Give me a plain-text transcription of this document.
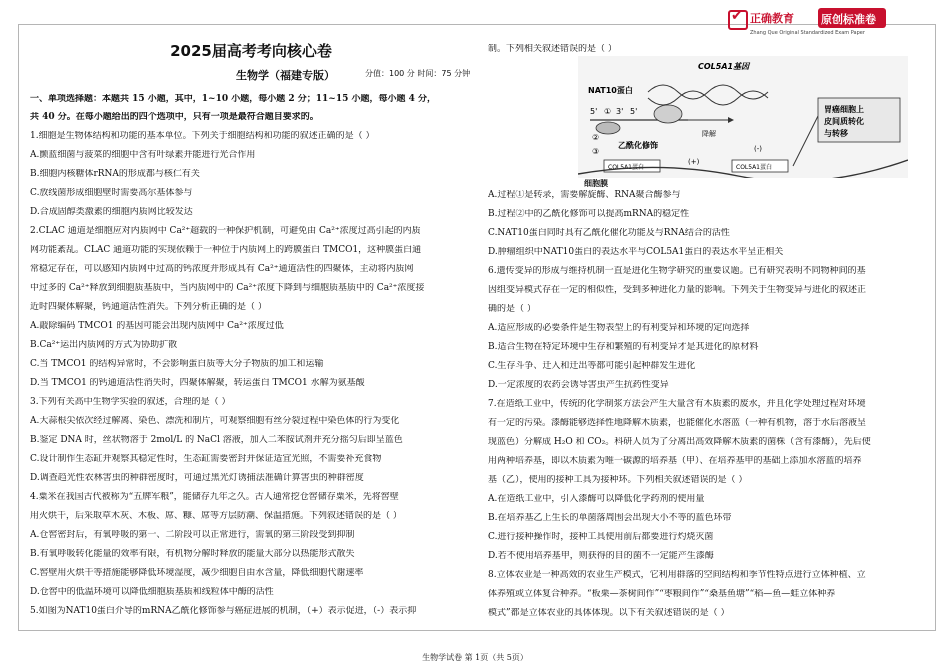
✔
正确教育 原创标准卷
Zhang Que Original Standardized Exam Paper
2025届高考考向核心卷
生物学（福建专版）	分值：100 分 时间：75 分钟
一、单项选择题：本题共 15 小题，其中，1~10 小题，每小题 2 分；11~15 小题，每小题 4 分，
共 40 分。在每小题给出的四个选项中，只有一项是最符合题目要求的。
1.细胞是生物体结构和功能的基本单位。下列关于细胞结构和功能的叙述正确的是（ ）
A.颤蓝细菌与菠菜的细胞中含有叶绿素并能进行光合作用
B.细胞内核糖体rRNA的形成都与核仁有关
C.放线菌形成细胞壁时需要高尔基体参与
D.合成固醇类激素的细胞内质网比较发达
2.CLAC 通道是细胞应对内质网中 Ca²⁺超载的一种保护机制，可避免由 Ca²⁺浓度过高引起的内质
网功能紊乱。CLAC 通道功能的实现依赖于一种位于内质网上的跨膜蛋白 TMCO1，这种膜蛋白通
常稳定存在，可以感知内质网中过高的钙浓度并形成具有 Ca²⁺通道活性的四聚体，主动将内质网
中过多的 Ca²⁺释放到细胞质基质中，当内质网中的 Ca²⁺浓度下降到与细胞质基质中的 Ca²⁺浓度接
近时四聚体解聚，钙通道活性消失。下列分析正确的是（ ）
A.敲除编码 TMCO1 的基因可能会出现内质网中 Ca²⁺浓度过低
B.Ca²⁺运出内质网的方式为协助扩散
C.当 TMCO1 的结构异常时，不会影响蛋白质等大分子物质的加工和运输
D.当 TMCO1 的钙通道活性消失时，四聚体解聚，转运蛋白 TMCO1 水解为氨基酸
3.下列有关高中生物学实验的叙述，合理的是（ ）
A.大蒜根尖依次经过解离、染色、漂洗和制片，可观察细胞有丝分裂过程中染色体的行为变化
B.鉴定 DNA 时，丝状物溶于 2mol/L 的 NaCl 溶液，加入二苯胺试剂并充分摇匀后即呈蓝色
C.设计制作生态缸并观察其稳定性时，生态缸需要密封并保证适宜光照，不需要补充食物
D.调查趋光性农林害虫的种群密度时，可通过黑光灯诱捕法准确计算害虫的种群密度
4.粟米在我国古代被称为“五牌军粮”，能储存九年之久。古人通常挖仓窖储存粟米，先将窖壁
用火烘干，后采取草木灰、木板、席、糠、席等方层防潮、保温措施。下列叙述错误的是（ ）
A.仓窖密封后，有氧呼吸的第一、二阶段可以正常进行，需氧的第三阶段受到抑制
B.有氧呼吸转化能量的效率有限，有机物分解时释放的能量大部分以热能形式散失
C.窖壁用火烘干等措施能够降低环境湿度，减少细胞自由水含量，降低细胞代谢速率
D.仓窖中的低温环境可以降低细胞质基质和线粒体中酶的活性
5.如图为NAT10蛋白介导的mRNA乙酰化修饰参与癌症进展的机制，（+）表示促进，（-）表示抑
制。下列相关叙述错误的是（ ）
COL5A1基因
NAT10蛋白
5' ① 3' 5'
②
③
乙酰化修饰
降解
COL5A1蛋白	COL5A1蛋白
(+)
(-)
胃癌细胞上
皮间质转化
与转移
细胞膜
A.过程①是转录，需要解旋酶、RNA聚合酶参与
B.过程②中的乙酰化修饰可以提高mRNA的稳定性
C.NAT10蛋白同时具有乙酰化催化功能及与RNA结合的活性
D.肿瘤组织中NAT10蛋白的表达水平与COL5A1蛋白的表达水平呈正相关
6.遗传变异的形成与维持机制一直是进化生物学研究的重要议题。已有研究表明不同物种间的基
因组变异模式存在一定的相似性，受到多种进化力量的影响。下列关于生物变异与进化的叙述正
确的是（ ）
A.适应形成的必要条件是生物表型上的有利变异和环境的定向选择
B.适合生物在特定环境中生存和繁殖的有利变异才是其进化的原材料
C.生存斗争、迁入和迁出等都可能引起种群发生进化
D.一定浓度的农药会诱导害虫产生抗药性变异
7.在造纸工业中，传统的化学制浆方法会产生大量含有木质素的废水，并且化学处理过程对环境
有一定的污染。漆酶能够选择性地降解木质素，也能催化水溶蓝（一种有机物，溶于水后溶液呈
现蓝色）分解成 H₂O 和 CO₂。科研人员为了分离出高效降解木质素的菌株（含有漆酶），先后使
用两种培养基，即以木质素为唯一碳源的培养基（甲）、在培养基甲的基础上添加水溶蓝的培养
基（乙），使用的接种工具为接种环。下列相关叙述错误的是（ ）
A.在造纸工业中，引入漆酶可以降低化学药剂的使用量
B.在培养基乙上生长的单菌落周围会出现大小不等的蓝色环带
C.进行接种操作时，接种工具使用前后都要进行灼烧灭菌
D.若不使用培养基甲，则获得的目的菌不一定能产生漆酶
8.立体农业是一种高效的农业生产模式，它利用群落的空间结构和季节性特点进行立体种植、立
体养殖或立体复合种养。“板栗—茶树间作”“枣粮间作”“桑基鱼塘”“稻—鱼—蛙立体种养
模式”都是立体农业的具体体现。以下有关叙述错误的是（ ）
生物学试卷 第 1页（共 5页）
